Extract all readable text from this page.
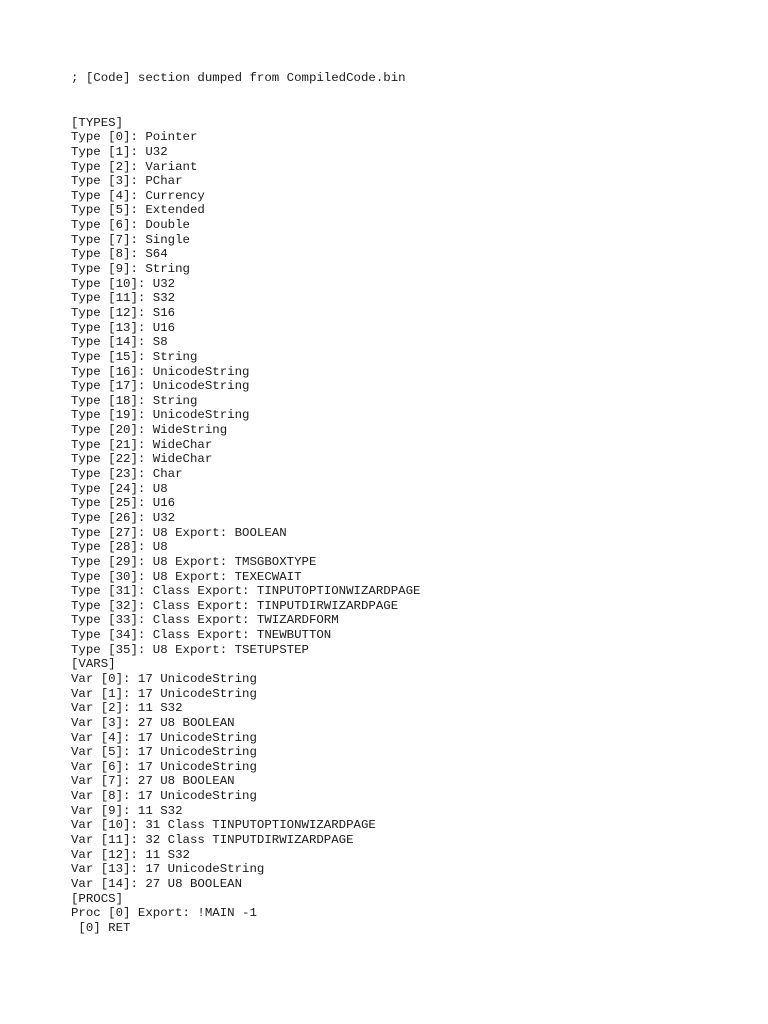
; [Code] section dumped from CompiledCode.bin
[TYPES]
Type [0]: Pointer
Type [1]: U32
Type [2]: Variant
Type [3]: PChar
Type [4]: Currency
Type [5]: Extended
Type [6]: Double
Type [7]: Single
Type [8]: S64
Type [9]: String
Type [10]: U32
Type [11]: S32
Type [12]: S16
Type [13]: U16
Type [14]: S8
Type [15]: String
Type [16]: UnicodeString
Type [17]: UnicodeString
Type [18]: String
Type [19]: UnicodeString
Type [20]: WideString
Type [21]: WideChar
Type [22]: WideChar
Type [23]: Char
Type [24]: U8
Type [25]: U16
Type [26]: U32
Type [27]: U8 Export: BOOLEAN
Type [28]: U8
Type [29]: U8 Export: TMSGBOXTYPE
Type [30]: U8 Export: TEXECWAIT
Type [31]: Class Export: TINPUTOPTIONWIZARDPAGE
Type [32]: Class Export: TINPUTDIRWIZARDPAGE
Type [33]: Class Export: TWIZARDFORM
Type [34]: Class Export: TNEWBUTTON
Type [35]: U8 Export: TSETUPSTEP
[VARS]
Var [0]: 17 UnicodeString
Var [1]: 17 UnicodeString
Var [2]: 11 S32
Var [3]: 27 U8 BOOLEAN
Var [4]: 17 UnicodeString
Var [5]: 17 UnicodeString
Var [6]: 17 UnicodeString
Var [7]: 27 U8 BOOLEAN
Var [8]: 17 UnicodeString
Var [9]: 11 S32
Var [10]: 31 Class TINPUTOPTIONWIZARDPAGE
Var [11]: 32 Class TINPUTDIRWIZARDPAGE
Var [12]: 11 S32
Var [13]: 17 UnicodeString
Var [14]: 27 U8 BOOLEAN
[PROCS]
Proc [0] Export: !MAIN -1
[0] RET
